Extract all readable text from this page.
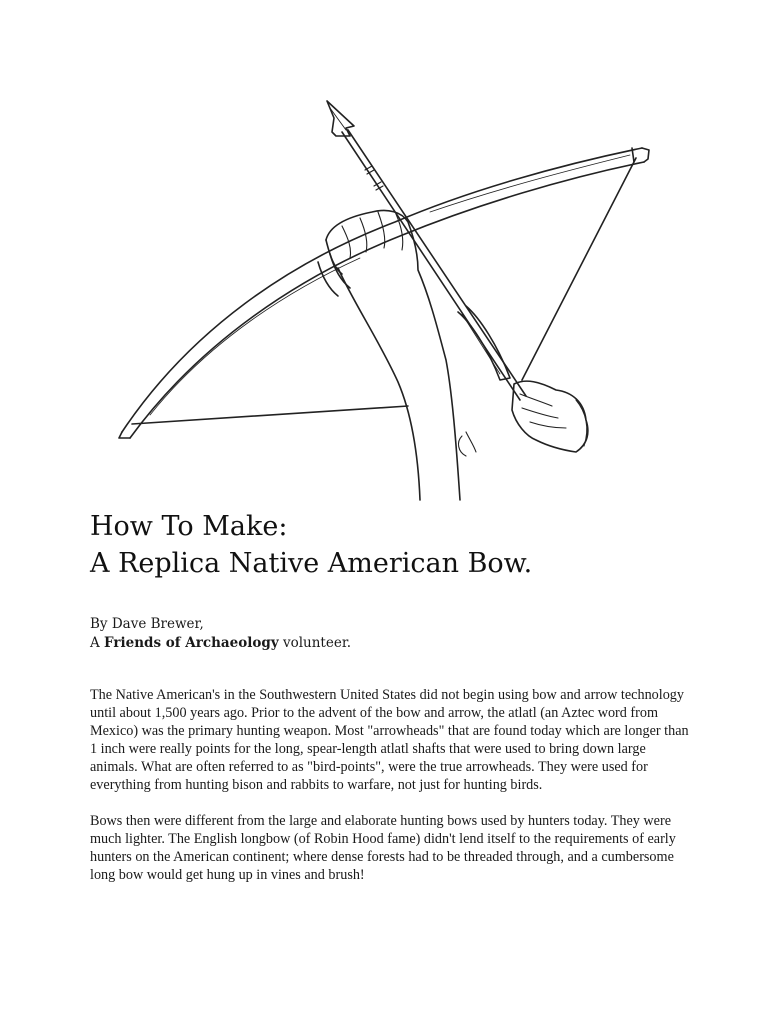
How To Make:
A Replica Native American Bow.
By Dave Brewer,
A Friends of Archaeology volunteer.

The Native American's in the Southwestern United States did not begin using bow and arrow technology until about 1,500 years ago. Prior to the advent of the bow and arrow, the atlatl (an Aztec word from Mexico) was the primary hunting weapon. Most "arrowheads" that are found today which are longer than 1 inch were really points for the long, spear-length atlatl shafts that were used to bring down large animals. What are often referred to as "bird-points", were the true arrowheads. They were used for everything from hunting bison and rabbits to warfare, not just for hunting birds.

Bows then were different from the large and elaborate hunting bows used by hunters today. They were much lighter. The English longbow (of Robin Hood fame) didn't lend itself to the requirements of early hunters on the American continent; where dense forests had to be threaded through, and a cumbersome long bow would get hung up in vines and brush!
